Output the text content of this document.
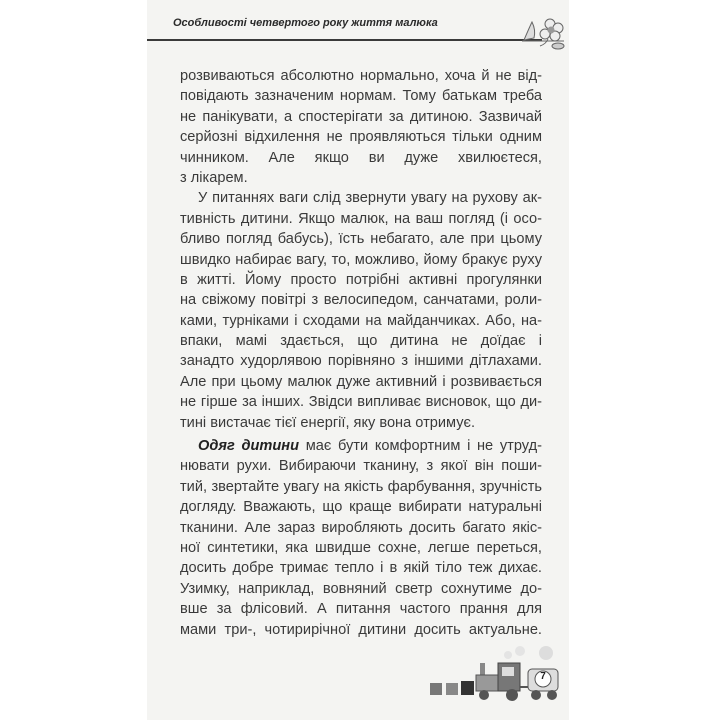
Особливості четвертого року життя малюка
розвиваються абсолютно нормально, хоча й не від-
повідають зазначеним нормам. Тому батькам треба
не панікувати, а спостерігати за дитиною. Зазвичай
серйозні відхилення не проявляються тільки одним
чинником. Але якщо ви дуже хвилюєтеся,
з лікарем.
У питаннях ваги слід звернути увагу на рухову ак-
тивність дитини. Якщо малюк, на ваш погляд (і осо-
бливо погляд бабусь), їсть небагато, але при цьому
швидко набирає вагу, то, можливо, йому бракує руху
в житті. Йому просто потрібні активні прогулянки
на свіжому повітрі з велосипедом, санчатами, роли-
ками, турніками і сходами на майданчиках. Або, на-
впаки, мамі здається, що дитина не доїдає і
занадто худорлявою порівняно з іншими дітлахами.
Але при цьому малюк дуже активний і розвивається
не гірше за інших. Звідси випливає висновок, що ди-
тині вистачає тієї енергії, яку вона отримує.
Одяг дитини має бути комфортним і не утруд-
нювати рухи. Вибираючи тканину, з якої він поши-
тий, звертайте увагу на якість фарбування, зручність
догляду. Вважають, що краще вибирати натуральні
тканини. Але зараз виробляють досить багато якіс-
ної синтетики, яка швидше сохне, легше переться,
досить добре тримає тепло і в якій тіло теж дихає.
Узимку, наприклад, вовняний светр сохнутиме до-
вше за флісовий. А питання частого прання для
мами три-, чотирирічної дитини досить актуальне.
7
